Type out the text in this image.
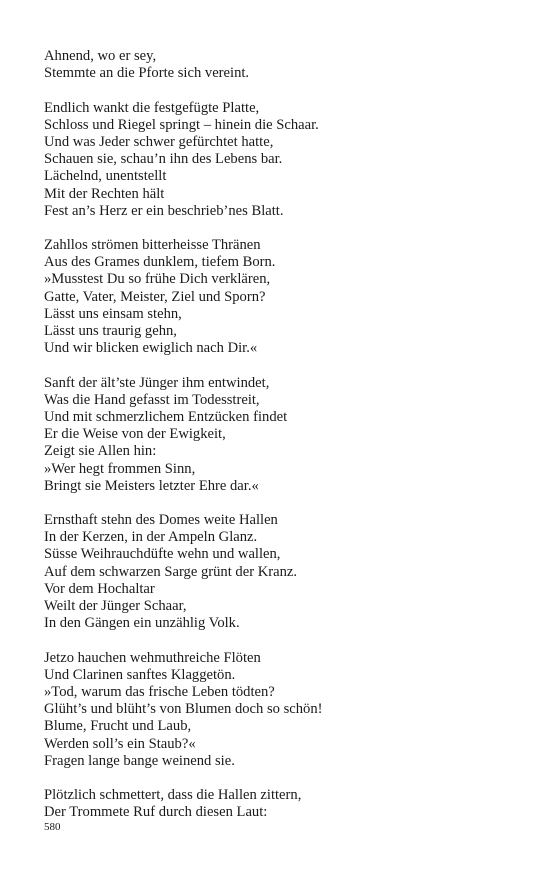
Ahnend, wo er sey,
Stemmte an die Pforte sich vereint.
Endlich wankt die festgefügte Platte,
Schloss und Riegel springt – hinein die Schaar.
Und was Jeder schwer gefürchtet hatte,
Schauen sie, schau’n ihn des Lebens bar.
Lächelnd, unentstellt
Mit der Rechten hält
Fest an’s Herz er ein beschrieb’nes Blatt.
Zahllos strömen bitterheisse Thränen
Aus des Grames dunklem, tiefem Born.
»Musstest Du so frühe Dich verklären,
Gatte, Vater, Meister, Ziel und Sporn?
Lässt uns einsam stehn,
Lässt uns traurig gehn,
Und wir blicken ewiglich nach Dir.«
Sanft der ält’ste Jünger ihm entwindet,
Was die Hand gefasst im Todesstreit,
Und mit schmerzlichem Entzücken findet
Er die Weise von der Ewigkeit,
Zeigt sie Allen hin:
»Wer hegt frommen Sinn,
Bringt sie Meisters letzter Ehre dar.«
Ernsthaft stehn des Domes weite Hallen
In der Kerzen, in der Ampeln Glanz.
Süsse Weihrauchdüfte wehn und wallen,
Auf dem schwarzen Sarge grünt der Kranz.
Vor dem Hochaltar
Weilt der Jünger Schaar,
In den Gängen ein unzählig Volk.
Jetzo hauchen wehmuthreiche Flöten
Und Clarinen sanftes Klaggetön.
»Tod, warum das frische Leben tödten?
Glüht’s und blüht’s von Blumen doch so schön!
Blume, Frucht und Laub,
Werden soll’s ein Staub?«
Fragen lange bange weinend sie.
Plötzlich schmettert, dass die Hallen zittern,
Der Trommete Ruf durch diesen Laut:
580
